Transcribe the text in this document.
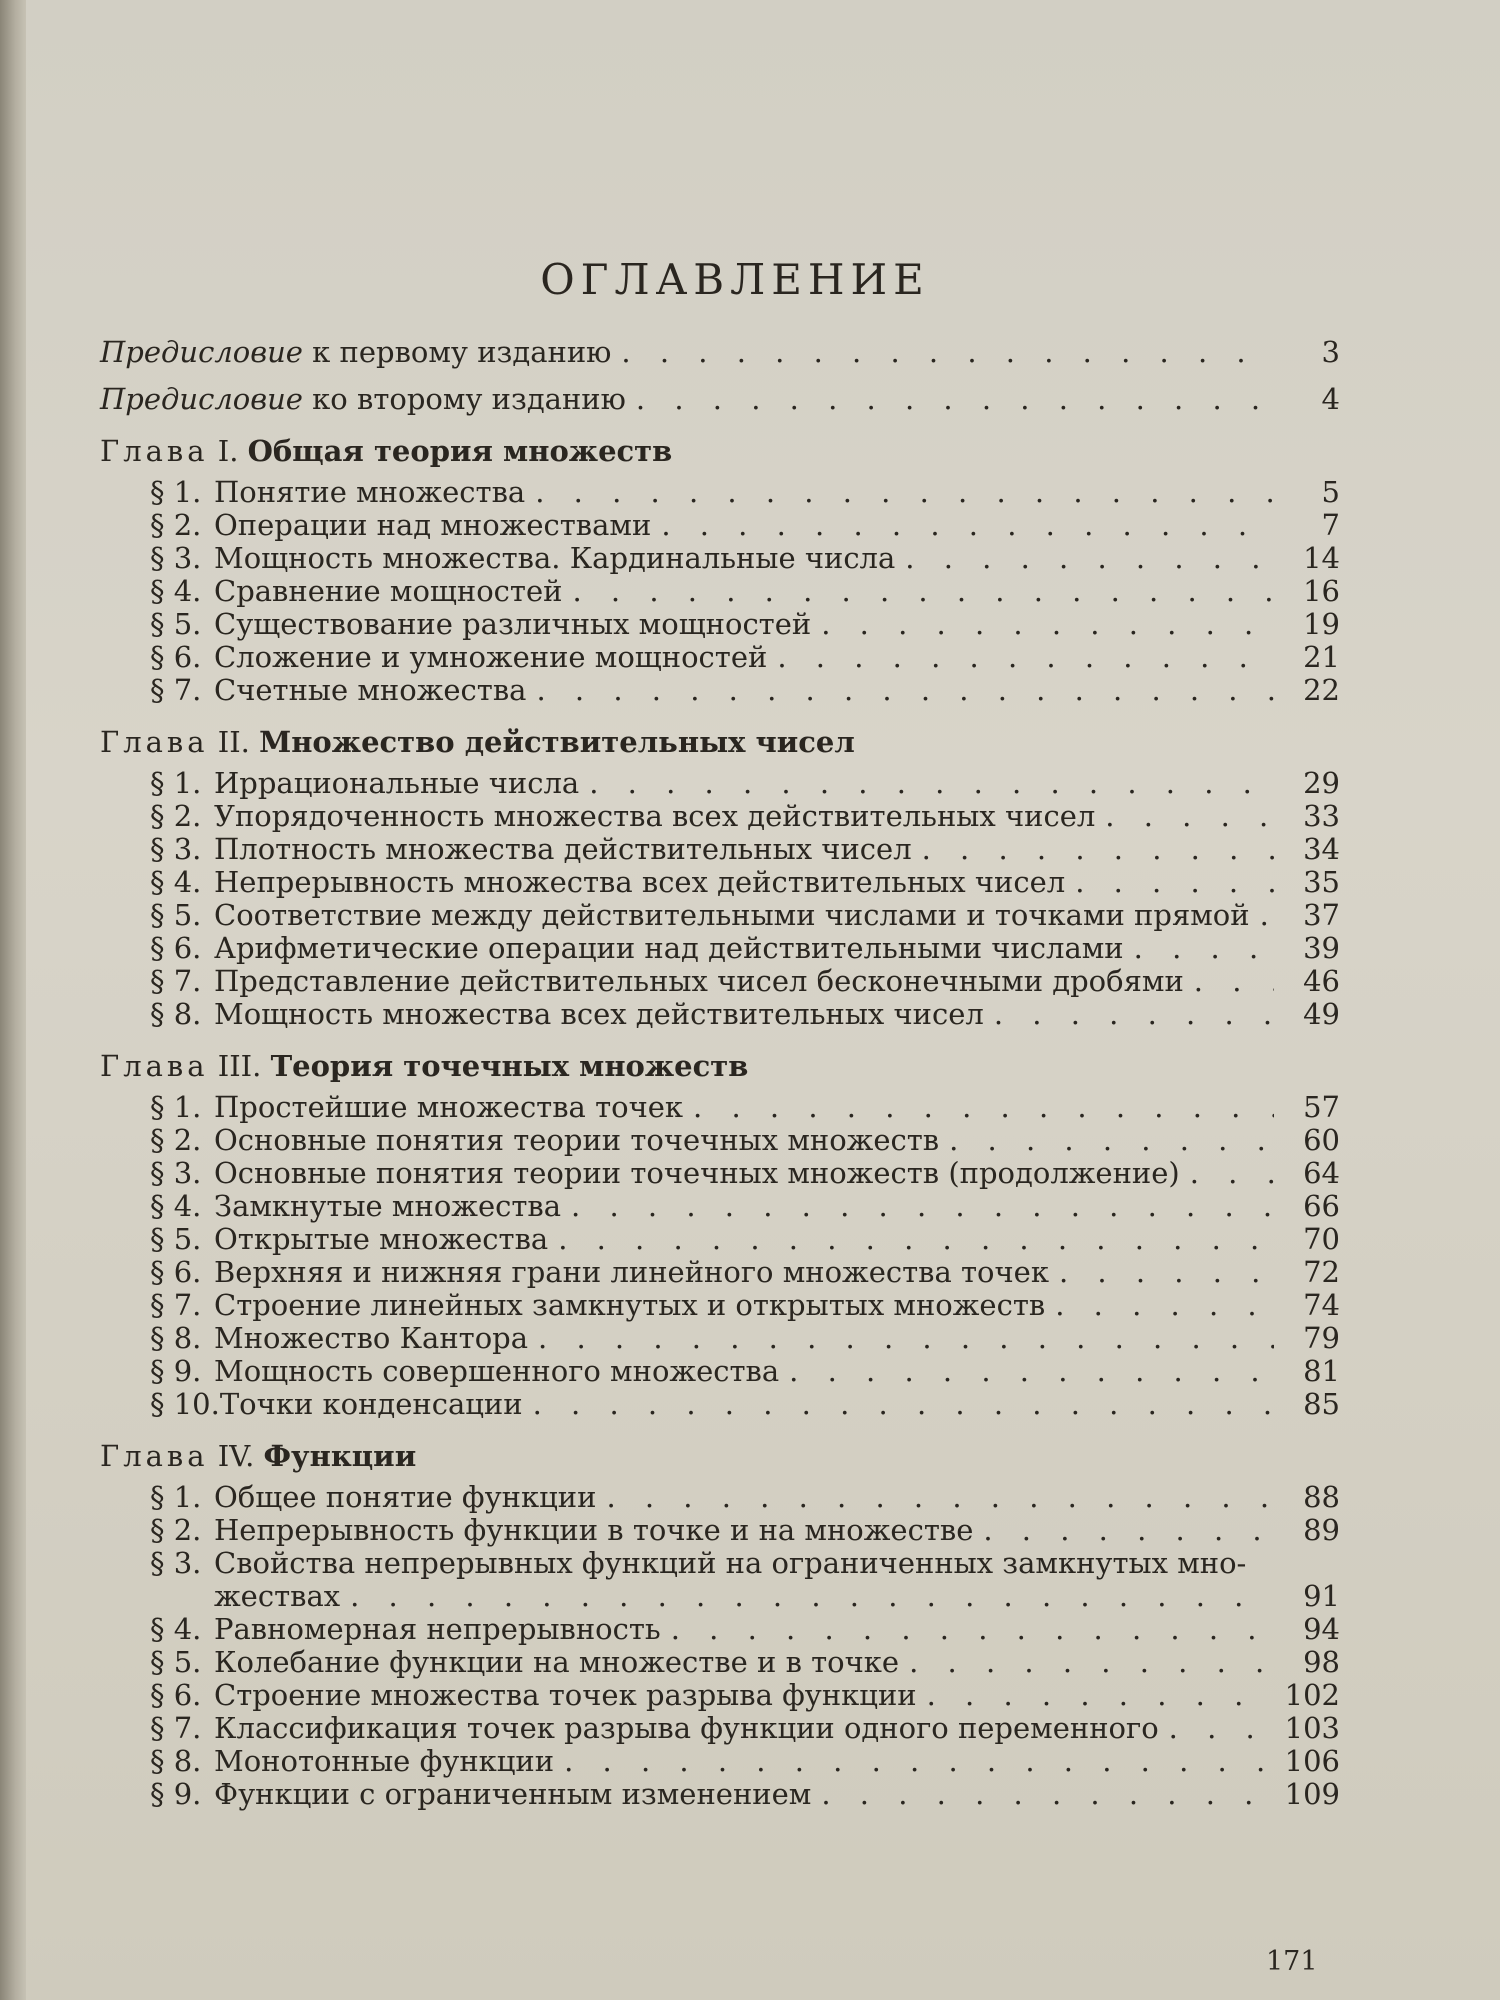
ОГЛАВЛЕНИЕ
Предисловие к первому изданию . . .	3
Предисловие ко второму изданию . . .	4
Глава I. Общая теория множеств
§ 1. Понятие множества . . .	5
§ 2. Операции над множествами . . .	7
§ 3. Мощность множества. Кардинальные числа . . .	14
§ 4. Сравнение мощностей . . .	16
§ 5. Существование различных мощностей . . .	19
§ 6. Сложение и умножение мощностей . . .	21
§ 7. Счетные множества . . .	22
Глава II. Множество действительных чисел
§ 1. Иррациональные числа . . .	29
§ 2. Упорядоченность множества всех действительных чисел . . .	33
§ 3. Плотность множества действительных чисел . . .	34
§ 4. Непрерывность множества всех действительных чисел . . .	35
§ 5. Соответствие между действительными числами и точками прямой . . .	37
§ 6. Арифметические операции над действительными числами . . .	39
§ 7. Представление действительных чисел бесконечными дробями . . .	46
§ 8. Мощность множества всех действительных чисел . . .	49
Глава III. Теория точечных множеств
§ 1. Простейшие множества точек . . .	57
§ 2. Основные понятия теории точечных множеств . . .	60
§ 3. Основные понятия теории точечных множеств (продолжение) . . .	64
§ 4. Замкнутые множества . . .	66
§ 5. Открытые множества . . .	70
§ 6. Верхняя и нижняя грани линейного множества точек . . .	72
§ 7. Строение линейных замкнутых и открытых множеств . . .	74
§ 8. Множество Кантора . . .	79
§ 9. Мощность совершенного множества . . .	81
§ 10.Точки конденсации . . .	85
Глава IV. Функции
§ 1. Общее понятие функции . . .	88
§ 2. Непрерывность функции в точке и на множестве . . .	89
§ 3. Свойства непрерывных функций на ограниченных замкнутых мно-
жествах . . .	91
§ 4. Равномерная непрерывность . . .	94
§ 5. Колебание функции на множестве и в точке . . .	98
§ 6. Строение множества точек разрыва функции . . .	102
§ 7. Классификация точек разрыва функции одного переменного . . .	103
§ 8. Монотонные функции . . .	106
§ 9. Функции с ограниченным изменением . . .	109
171
